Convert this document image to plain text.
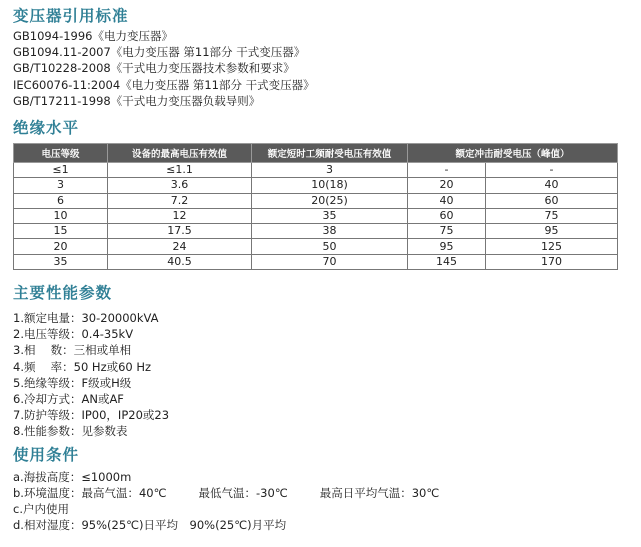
变压器引用标准
GB1094-1996《电力变压器》
GB1094.11-2007《电力变压器 第11部分 干式变压器》
GB/T10228-2008《干式电力变压器技术参数和要求》
IEC60076-11:2004《电力变压器 第11部分 干式变压器》
GB/T17211-1998《干式电力变压器负载导则》
绝缘水平
电压等级	设备的最高电压有效值	额定短时工频耐受电压有效值	额定冲击耐受电压（峰值）	
≤1	≤1.1	3	-	-
3	3.6	10(18)	20	40
6	7.2	20(25)	40	60
10	12	35	60	75
15	17.5	38	75	95
20	24	50	95	125
35	40.5	70	145	170
主要性能参数
1.额定电量：30-20000kVA
2.电压等级：0.4-35kV
3.相　 数：三相或单相
4.频　 率：50 Hz或60 Hz
5.绝缘等级：F级或H级
6.冷却方式：AN或AF
7.防护等级：IP00，IP20或23
8.性能参数：见参数表
使用条件
a.海拔高度：≤1000m
b.环境温度：最高气温：40℃	最低气温：-30℃	最高日平均气温：30℃
c.户内使用
d.相对湿度：95%(25℃)日平均　90%(25℃)月平均
